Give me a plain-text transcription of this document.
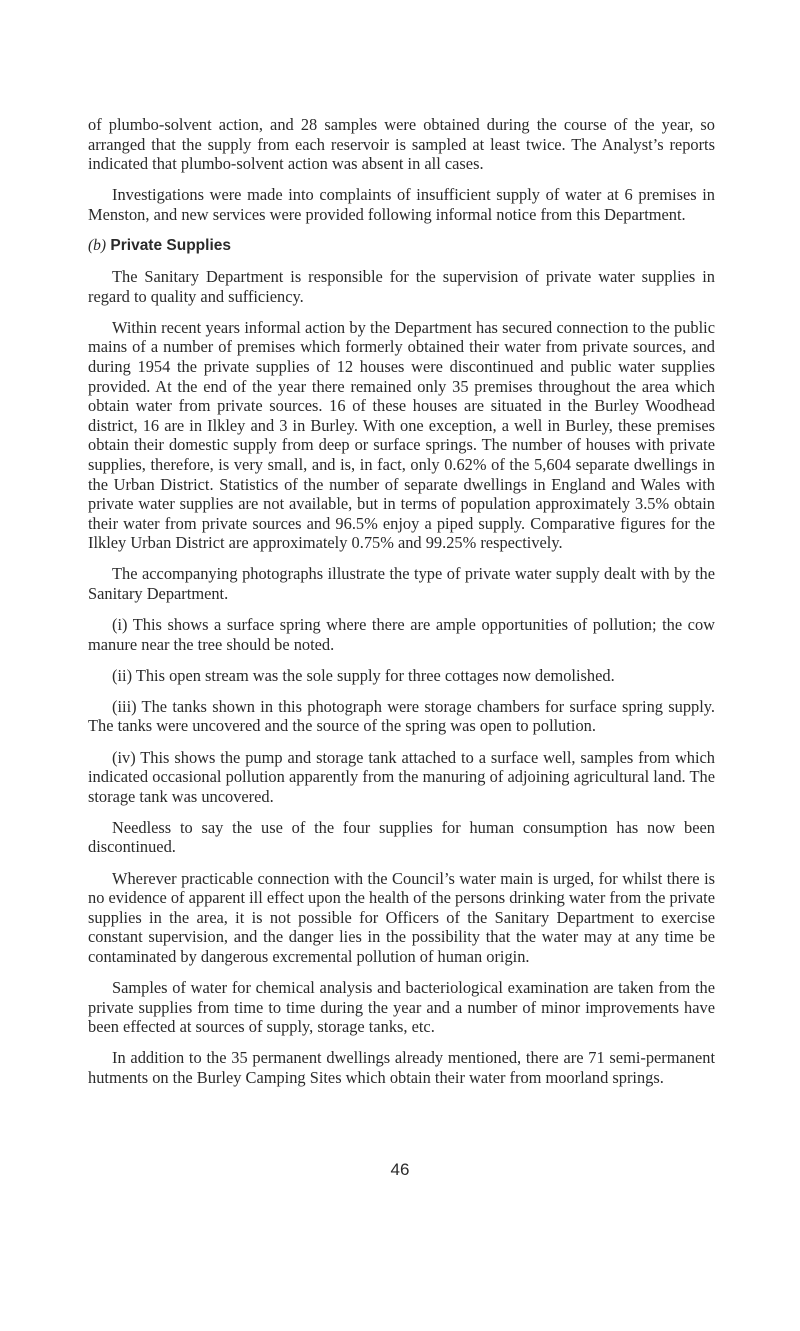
of plumbo-solvent action, and 28 samples were obtained during the course of the year, so arranged that the supply from each reservoir is sampled at least twice. The Analyst’s reports indicated that plumbo-solvent action was absent in all cases.

Investigations were made into complaints of insufficient supply of water at 6 premises in Menston, and new services were provided following informal notice from this Department.

(b) Private Supplies

The Sanitary Department is responsible for the supervision of private water supplies in regard to quality and sufficiency.

Within recent years informal action by the Department has secured connection to the public mains of a number of premises which formerly obtained their water from private sources, and during 1954 the private supplies of 12 houses were discontinued and public water supplies provided. At the end of the year there remained only 35 premises throughout the area which obtain water from private sources. 16 of these houses are situated in the Burley Woodhead district, 16 are in Ilkley and 3 in Burley. With one exception, a well in Burley, these premises obtain their domestic supply from deep or surface springs. The number of houses with private supplies, therefore, is very small, and is, in fact, only 0.62% of the 5,604 separate dwellings in the Urban District. Statistics of the number of separate dwellings in England and Wales with private water supplies are not available, but in terms of population approximately 3.5% obtain their water from private sources and 96.5% enjoy a piped supply. Comparative figures for the Ilkley Urban District are approximately 0.75% and 99.25% respectively.

The accompanying photographs illustrate the type of private water supply dealt with by the Sanitary Department.

(i) This shows a surface spring where there are ample opportunities of pollution; the cow manure near the tree should be noted.

(ii) This open stream was the sole supply for three cottages now demolished.

(iii) The tanks shown in this photograph were storage chambers for surface spring supply. The tanks were uncovered and the source of the spring was open to pollution.

(iv) This shows the pump and storage tank attached to a surface well, samples from which indicated occasional pollution apparently from the manuring of adjoining agricultural land. The storage tank was uncovered.

Needless to say the use of the four supplies for human consumption has now been discontinued.

Wherever practicable connection with the Council’s water main is urged, for whilst there is no evidence of apparent ill effect upon the health of the persons drinking water from the private supplies in the area, it is not possible for Officers of the Sanitary Department to exercise constant supervision, and the danger lies in the possibility that the water may at any time be contaminated by dangerous excremental pollution of human origin.

Samples of water for chemical analysis and bacteriological examination are taken from the private supplies from time to time during the year and a number of minor improvements have been effected at sources of supply, storage tanks, etc.

In addition to the 35 permanent dwellings already mentioned, there are 71 semi-permanent hutments on the Burley Camping Sites which obtain their water from moorland springs.

46
